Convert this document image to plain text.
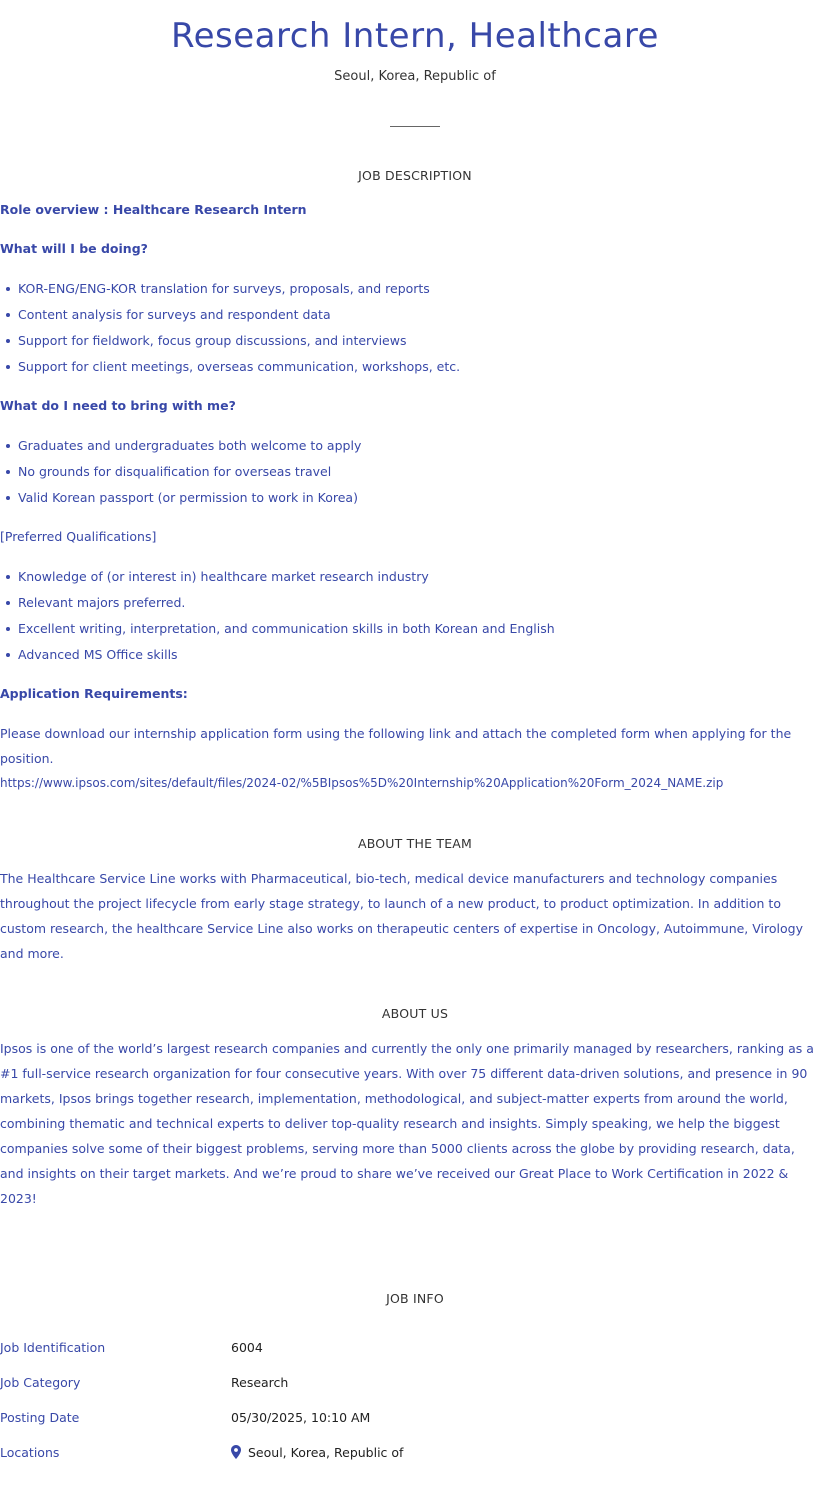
Research Intern, Healthcare
Seoul, Korea, Republic of
JOB DESCRIPTION

Role overview : Healthcare Research Intern

What will I be doing?

KOR-ENG/ENG-KOR translation for surveys, proposals, and reports
Content analysis for surveys and respondent data
Support for fieldwork, focus group discussions, and interviews
Support for client meetings, overseas communication, workshops, etc.

What do I need to bring with me?

Graduates and undergraduates both welcome to apply
No grounds for disqualification for overseas travel
Valid Korean passport (or permission to work in Korea)

[Preferred Qualifications]

Knowledge of (or interest in) healthcare market research industry
Relevant majors preferred.
Excellent writing, interpretation, and communication skills in both Korean and English
Advanced MS Office skills

Application Requirements:

Please download our internship application form using the following link and attach the completed form when applying for the position.

https://www.ipsos.com/sites/default/files/2024-02/%5BIpsos%5D%20Internship%20Application%20Form_2024_NAME.zip

ABOUT THE TEAM

The Healthcare Service Line works with Pharmaceutical, bio-tech, medical device manufacturers and technology companies throughout the project lifecycle from early stage strategy, to launch of a new product, to product optimization. In addition to custom research, the healthcare Service Line also works on therapeutic centers of expertise in Oncology, Autoimmune, Virology and more.

ABOUT US

Ipsos is one of the world’s largest research companies and currently the only one primarily managed by researchers, ranking as a #1 full-service research organization for four consecutive years. With over 75 different data-driven solutions, and presence in 90 markets, Ipsos brings together research, implementation, methodological, and subject-matter experts from around the world, combining thematic and technical experts to deliver top-quality research and insights. Simply speaking, we help the biggest companies solve some of their biggest problems, serving more than 5000 clients across the globe by providing research, data, and insights on their target markets. And we’re proud to share we’ve received our Great Place to Work Certification in 2022 & 2023!

JOB INFO
Job Identification	6004
Job Category	Research
Posting Date	05/30/2025, 10:10 AM
Locations	Seoul, Korea, Republic of
